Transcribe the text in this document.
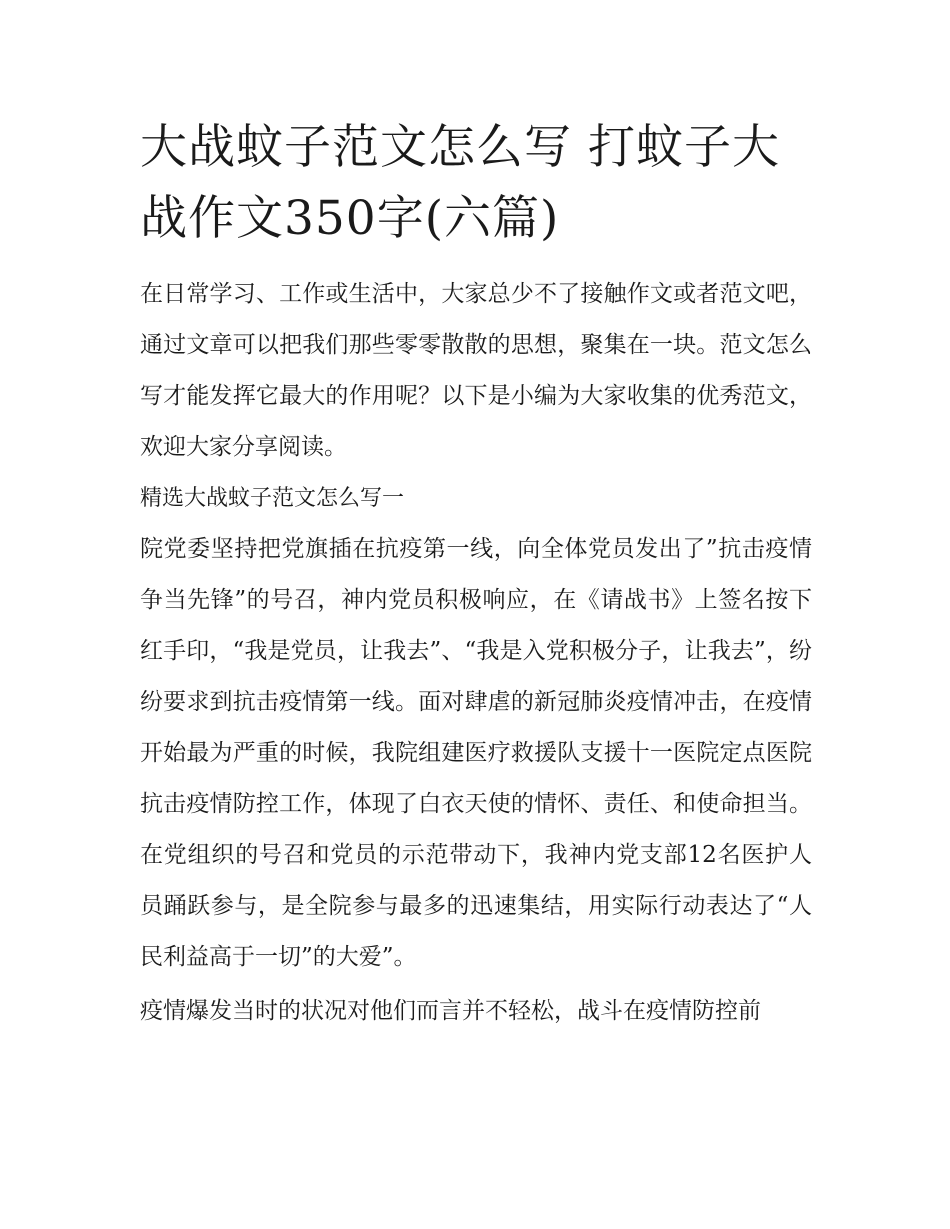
大战蚊子范文怎么写 打蚊子大战作文350字(六篇)

在日常学习、工作或生活中，大家总少不了接触作文或者范文吧，通过文章可以把我们那些零零散散的思想，聚集在一块。范文怎么写才能发挥它最大的作用呢？以下是小编为大家收集的优秀范文，欢迎大家分享阅读。

精选大战蚊子范文怎么写一

院党委坚持把党旗插在抗疫第一线，向全体党员发出了”抗击疫情争当先锋”的号召，神内党员积极响应，在《请战书》上签名按下红手印，“我是党员，让我去”、“我是入党积极分子，让我去”，纷纷要求到抗击疫情第一线。面对肆虐的新冠肺炎疫情冲击，在疫情开始最为严重的时候，我院组建医疗救援队支援十一医院定点医院抗击疫情防控工作，体现了白衣天使的情怀、责任、和使命担当。在党组织的号召和党员的示范带动下，我神内党支部12名医护人员踊跃参与，是全院参与最多的迅速集结，用实际行动表达了“人民利益高于一切”的大爱”。

疫情爆发当时的状况对他们而言并不轻松，战斗在疫情防控前
